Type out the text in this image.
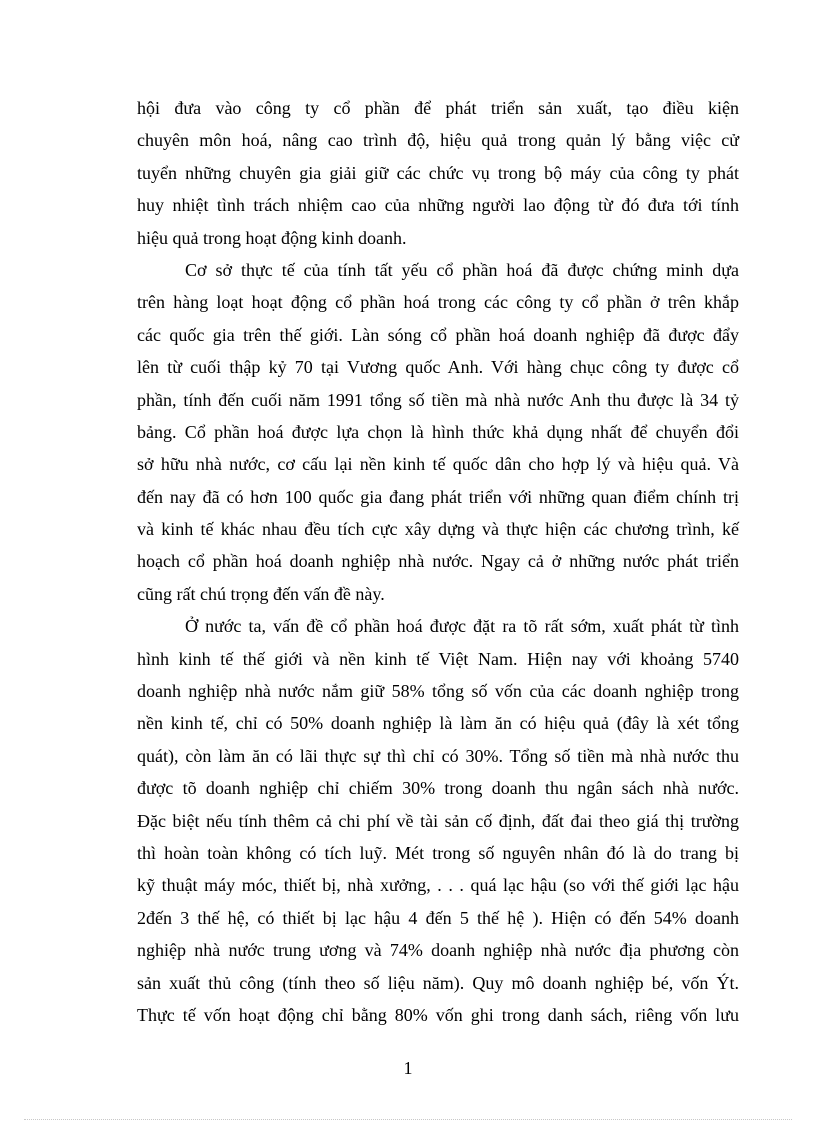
hội đưa vào công ty cổ phần để phát triển sản xuất, tạo điều kiện
chuyên môn hoá, nâng cao trình độ, hiệu quả trong quản lý bằng việc cử
tuyển những chuyên gia giải giữ các chức vụ trong bộ máy của công ty phát
huy nhiệt tình trách nhiệm cao của những người lao động từ đó đưa tới tính
hiệu quả trong hoạt động kinh doanh.
Cơ sở thực tế của tính tất yếu cổ phần hoá đã được chứng minh dựa
trên hàng loạt hoạt động cổ phần hoá trong các công ty cổ phần ở trên khắp
các quốc gia trên thế giới. Làn sóng cổ phần hoá doanh nghiệp đã được đẩy
lên từ cuối thập kỷ 70 tại Vương quốc Anh. Với hàng chục công ty được cổ
phần, tính đến cuối năm 1991 tổng số tiền mà nhà nước Anh thu được là 34 tỷ
bảng. Cổ phần hoá được lựa chọn là hình thức khả dụng nhất để chuyển đổi
sở hữu nhà nước, cơ cấu lại nền kinh tế quốc dân cho hợp lý và hiệu quả. Và
đến nay đã có hơn 100 quốc gia đang phát triển với những quan điểm chính trị
và kinh tế khác nhau đều tích cực xây dựng và thực hiện các chương trình, kế
hoạch cổ phần hoá doanh nghiệp nhà nước. Ngay cả ở những nước phát triển
cũng rất chú trọng đến vấn đề này.
Ở nước ta, vấn đề cổ phần hoá được đặt ra tõ rất sớm, xuất phát từ tình
hình kinh tế thế giới và nền kinh tế Việt Nam. Hiện nay với khoảng 5740
doanh nghiệp nhà nước nắm giữ 58% tổng số vốn của các doanh nghiệp trong
nền kinh tế, chỉ có 50% doanh nghiệp là làm ăn có hiệu quả (đây là xét tổng
quát), còn làm ăn có lãi thực sự thì chỉ có 30%. Tổng số tiền mà nhà nước thu
được tõ doanh nghiệp chỉ chiếm 30% trong doanh thu ngân sách nhà nước.
Đặc biệt nếu tính thêm cả chi phí về tài sản cố định, đất đai theo giá thị trường
thì hoàn toàn không có tích luỹ. Mét trong số nguyên nhân đó là do trang bị
kỹ thuật máy móc, thiết bị, nhà xưởng, . . . quá lạc hậu (so với thế giới lạc hậu
2đến 3 thế hệ, có thiết bị lạc hậu 4 đến 5 thế hệ ). Hiện có đến 54% doanh
nghiệp nhà nước trung ương và 74% doanh nghiệp nhà nước địa phương còn
sản xuất thủ công (tính theo số liệu năm). Quy mô doanh nghiệp bé, vốn Ýt.
Thực tế vốn hoạt động chỉ bằng 80% vốn ghi trong danh sách, riêng vốn lưu
1
